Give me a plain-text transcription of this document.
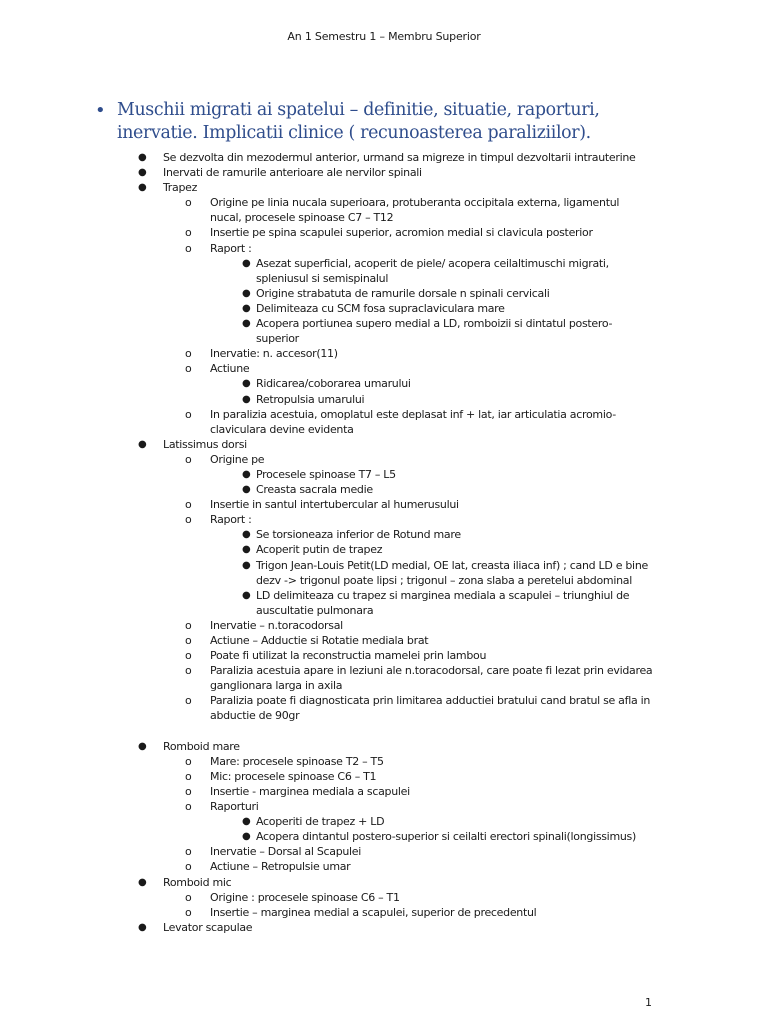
An 1 Semestru 1 – Membru Superior
• Muschii migrati ai spatelui – definitie, situatie, raporturi,
inervatie. Implicatii clinice ( recunoasterea paraliziilor).
● Se dezvolta din mezodermul anterior, urmand sa migreze in timpul dezvoltarii intrauterine
● Inervati de ramurile anterioare ale nervilor spinali
● Trapez
o Origine pe linia nucala superioara, protuberanta occipitala externa, ligamentul
nucal, procesele spinoase C7 – T12
o Insertie pe spina scapulei superior, acromion medial si clavicula posterior
o Raport :
● Asezat superficial, acoperit de piele/ acopera ceilaltimuschi migrati,
spleniusul si semispinalul
● Origine strabatuta de ramurile dorsale n spinali cervicali
● Delimiteaza cu SCM fosa supraclaviculara mare
● Acopera portiunea supero medial a LD, romboizii si dintatul postero-
superior
o Inervatie: n. accesor(11)
o Actiune
● Ridicarea/coborarea umarului
● Retropulsia umarului
o In paralizia acestuia, omoplatul este deplasat inf + lat, iar articulatia acromio-
claviculara devine evidenta
● Latissimus dorsi
o Origine pe
● Procesele spinoase T7 – L5
● Creasta sacrala medie
o Insertie in santul intertubercular al humerusului
o Raport :
● Se torsioneaza inferior de Rotund mare
● Acoperit putin de trapez
● Trigon Jean-Louis Petit(LD medial, OE lat, creasta iliaca inf) ; cand LD e bine
dezv -> trigonul poate lipsi ; trigonul – zona slaba a peretelui abdominal
● LD delimiteaza cu trapez si marginea mediala a scapulei – triunghiul de
auscultatie pulmonara
o Inervatie – n.toracodorsal
o Actiune – Adductie si Rotatie mediala brat
o Poate fi utilizat la reconstructia mamelei prin lambou
o Paralizia acestuia apare in leziuni ale n.toracodorsal, care poate fi lezat prin evidarea
ganglionara larga in axila
o Paralizia poate fi diagnosticata prin limitarea adductiei bratului cand bratul se afla in
abductie de 90gr
● Romboid mare
o Mare: procesele spinoase T2 – T5
o Mic: procesele spinoase C6 – T1
o Insertie - marginea mediala a scapulei
o Raporturi
● Acoperiti de trapez + LD
● Acopera dintantul postero-superior si ceilalti erectori spinali(longissimus)
o Inervatie – Dorsal al Scapulei
o Actiune – Retropulsie umar
● Romboid mic
o Origine : procesele spinoase C6 – T1
o Insertie – marginea medial a scapulei, superior de precedentul
● Levator scapulae
1
